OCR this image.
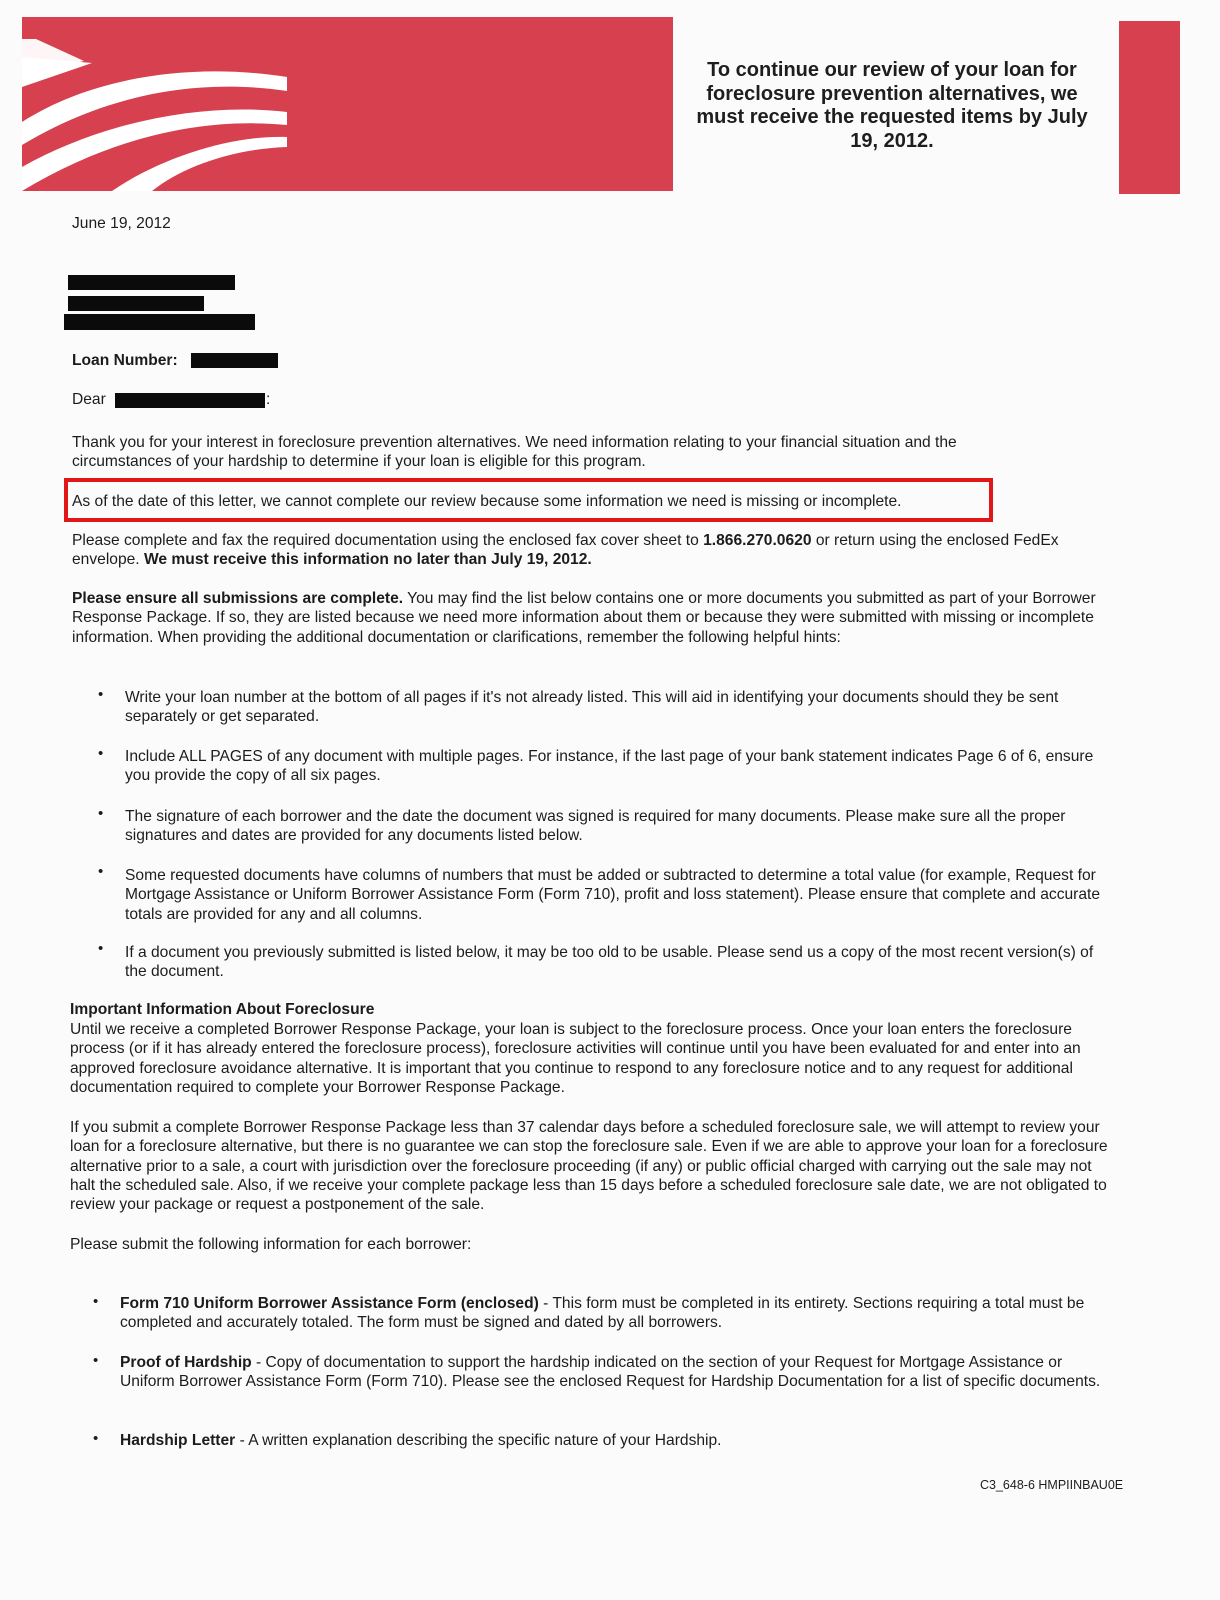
To continue our review of your loan for foreclosure prevention alternatives, we must receive the requested items by July 19, 2012.
June 19, 2012
Loan Number:
Dear	:
Thank you for your interest in foreclosure prevention alternatives. We need information relating to your financial situation and the circumstances of your hardship to determine if your loan is eligible for this program.
As of the date of this letter, we cannot complete our review because some information we need is missing or incomplete.
Please complete and fax the required documentation using the enclosed fax cover sheet to 1.866.270.0620 or return using the enclosed FedEx envelope. We must receive this information no later than July 19, 2012.
Please ensure all submissions are complete. You may find the list below contains one or more documents you submitted as part of your Borrower Response Package. If so, they are listed because we need more information about them or because they were submitted with missing or incomplete information. When providing the additional documentation or clarifications, remember the following helpful hints:
• Write your loan number at the bottom of all pages if it's not already listed. This will aid in identifying your documents should they be sent separately or get separated.
• Include ALL PAGES of any document with multiple pages. For instance, if the last page of your bank statement indicates Page 6 of 6, ensure you provide the copy of all six pages.
• The signature of each borrower and the date the document was signed is required for many documents. Please make sure all the proper signatures and dates are provided for any documents listed below.
• Some requested documents have columns of numbers that must be added or subtracted to determine a total value (for example, Request for Mortgage Assistance or Uniform Borrower Assistance Form (Form 710), profit and loss statement). Please ensure that complete and accurate totals are provided for any and all columns.
• If a document you previously submitted is listed below, it may be too old to be usable. Please send us a copy of the most recent version(s) of the document.
Important Information About Foreclosure
Until we receive a completed Borrower Response Package, your loan is subject to the foreclosure process. Once your loan enters the foreclosure process (or if it has already entered the foreclosure process), foreclosure activities will continue until you have been evaluated for and enter into an approved foreclosure avoidance alternative. It is important that you continue to respond to any foreclosure notice and to any request for additional documentation required to complete your Borrower Response Package.
If you submit a complete Borrower Response Package less than 37 calendar days before a scheduled foreclosure sale, we will attempt to review your loan for a foreclosure alternative, but there is no guarantee we can stop the foreclosure sale. Even if we are able to approve your loan for a foreclosure alternative prior to a sale, a court with jurisdiction over the foreclosure proceeding (if any) or public official charged with carrying out the sale may not halt the scheduled sale. Also, if we receive your complete package less than 15 days before a scheduled foreclosure sale date, we are not obligated to review your package or request a postponement of the sale.
Please submit the following information for each borrower:
• Form 710 Uniform Borrower Assistance Form (enclosed) - This form must be completed in its entirety. Sections requiring a total must be completed and accurately totaled. The form must be signed and dated by all borrowers.
• Proof of Hardship - Copy of documentation to support the hardship indicated on the section of your Request for Mortgage Assistance or Uniform Borrower Assistance Form (Form 710). Please see the enclosed Request for Hardship Documentation for a list of specific documents.
• Hardship Letter - A written explanation describing the specific nature of your Hardship.
C3_648-6 HMPIINBAU0E
